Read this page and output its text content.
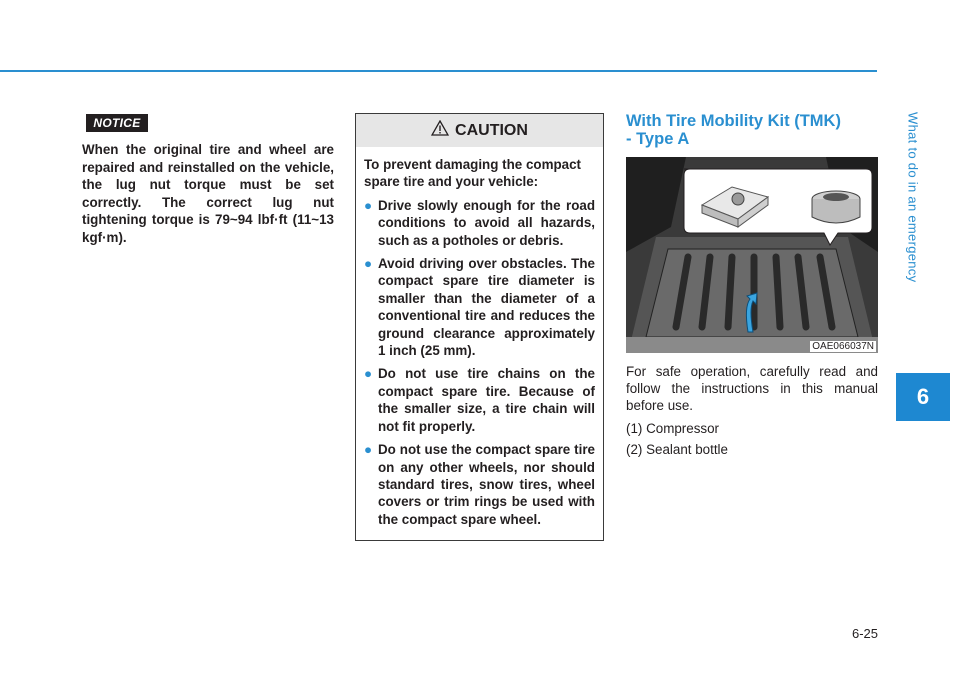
What to do in an emergency
6
NOTICE
When the original tire and wheel are repaired and reinstalled on the vehicle, the lug nut torque must be set correctly. The correct lug nut tightening torque is 79~94 lbf·ft (11~13 kgf·m).
CAUTION

To prevent damaging the compact spare tire and your vehicle:

● Drive slowly enough for the road conditions to avoid all hazards, such as a potholes or debris.
● Avoid driving over obstacles. The compact spare tire diameter is smaller than the diameter of a conventional tire and reduces the ground clearance approximately 1 inch (25 mm).
● Do not use tire chains on the compact spare tire. Because of the smaller size, a tire chain will not fit properly.
● Do not use the compact spare tire on any other wheels, nor should standard tires, snow tires, wheel covers or trim rings be used with the compact spare wheel.
With Tire Mobility Kit (TMK)
- Type A
OAE066037N

For safe operation, carefully read and follow the instructions in this manual before use.

(1) Compressor
(2) Sealant bottle
6-25
